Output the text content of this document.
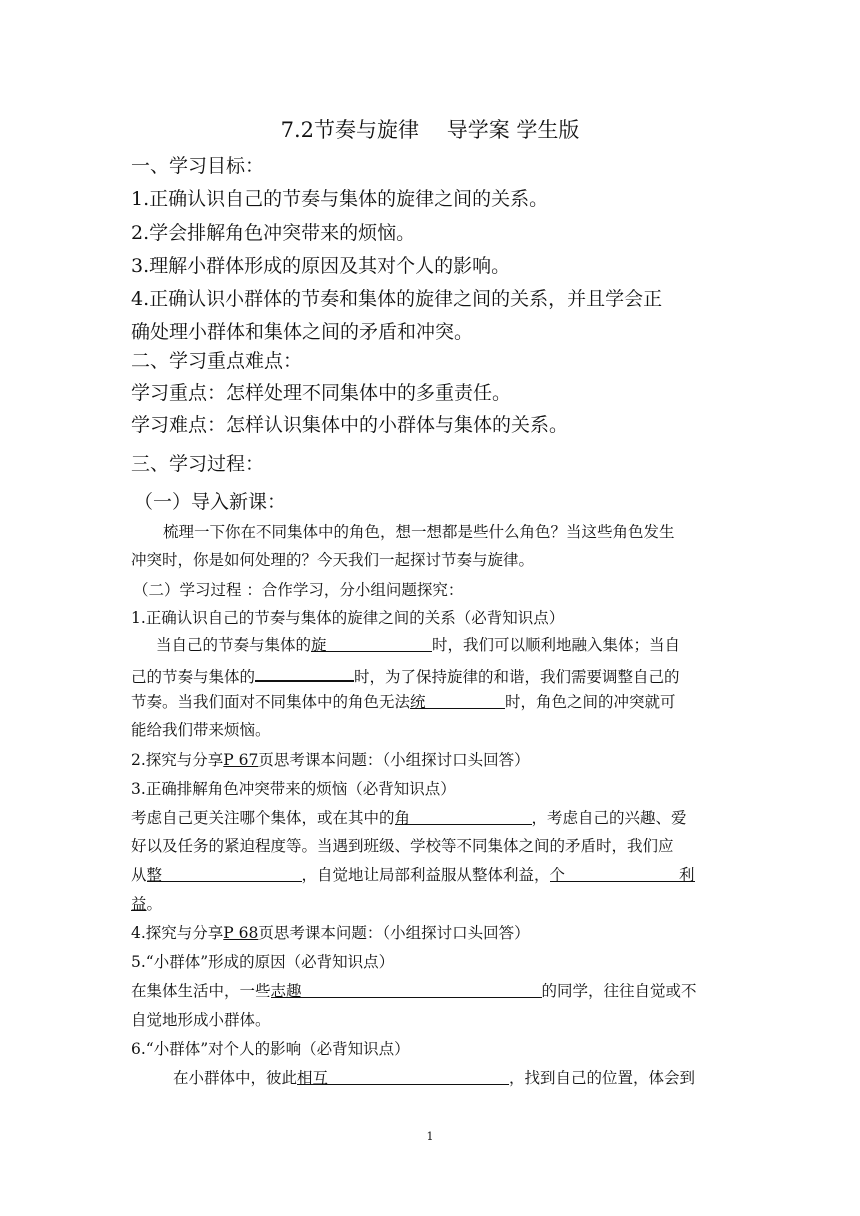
7.2节奏与旋律　 导学案 学生版
一、学习目标：
1.正确认识自己的节奏与集体的旋律之间的关系。
2.学会排解角色冲突带来的烦恼。
3.理解小群体形成的原因及其对个人的影响。
4.正确认识小群体的节奏和集体的旋律之间的关系，并且学会正
确处理小群体和集体之间的矛盾和冲突。
二、学习重点难点：
学习重点：怎样处理不同集体中的多重责任。
学习难点：怎样认识集体中的小群体与集体的关系。
三、学习过程：
（一）导入新课：
梳理一下你在不同集体中的角色，想一想都是些什么角色？当这些角色发生
冲突时，你是如何处理的？今天我们一起探讨节奏与旋律。
（二）学习过程 ：合作学习，分小组问题探究：
1.正确认识自己的节奏与集体的旋律之间的关系（必背知识点）
当自己的节奏与集体的旋	时，我们可以顺利地融入集体；当自
己的节奏与集体的	时，为了保持旋律的和谐，我们需要调整自己的
节奏。当我们面对不同集体中的角色无法统	时，角色之间的冲突就可
能给我们带来烦恼。
2.探究与分享P 67页思考课本问题：（小组探讨口头回答）
3.正确排解角色冲突带来的烦恼（必背知识点）
考虑自己更关注哪个集体，或在其中的角	，考虑自己的兴趣、爱
好以及任务的紧迫程度等。当遇到班级、学校等不同集体之间的矛盾时，我们应
从整	，自觉地让局部利益服从整体利益，个	利
益。
4.探究与分享P 68页思考课本问题：（小组探讨口头回答）
5.“小群体”形成的原因（必背知识点）
在集体生活中，一些志趣	的同学，往往自觉或不
自觉地形成小群体。
6.“小群体”对个人的影响（必背知识点）
在小群体中，彼此相互	，找到自己的位置，体会到
1
